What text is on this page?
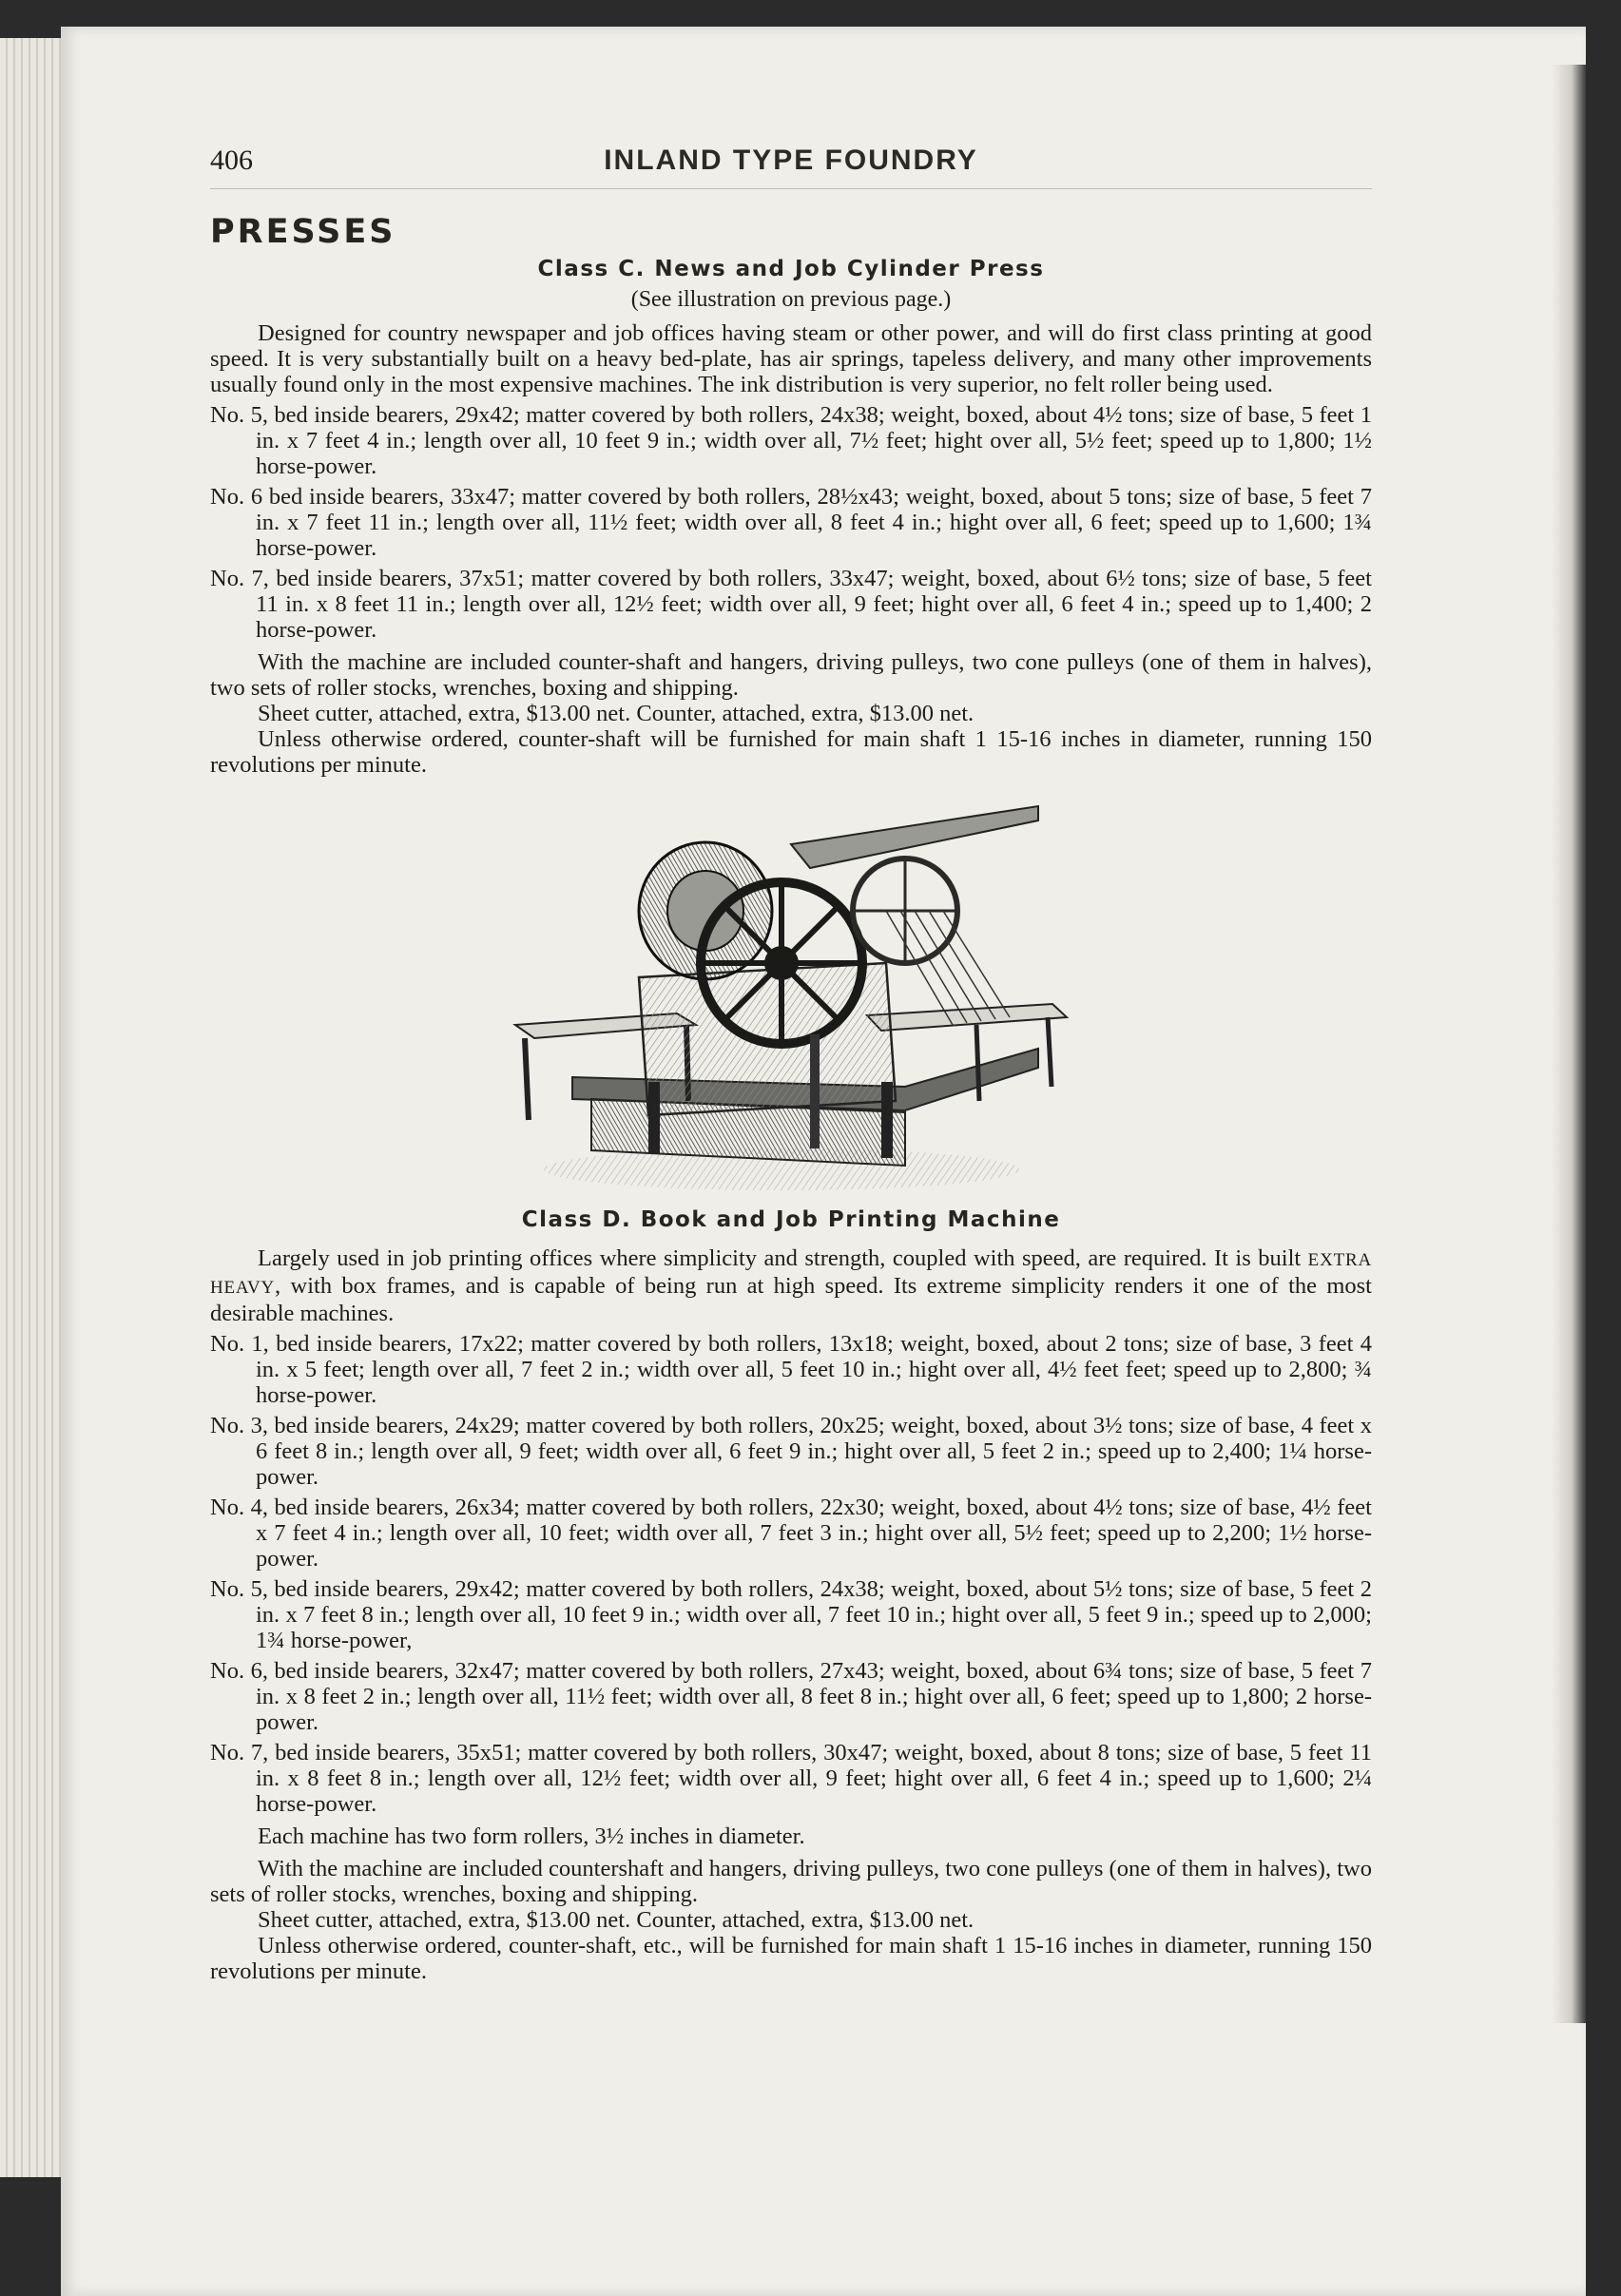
406	INLAND TYPE FOUNDRY
PRESSES
Class C. News and Job Cylinder Press
(See illustration on previous page.)

Designed for country newspaper and job offices having steam or other power, and will do first class printing at good speed. It is very substantially built on a heavy bed-plate, has air springs, tapeless delivery, and many other improvements usually found only in the most expensive machines. The ink distribution is very superior, no felt roller being used.

No. 5, bed inside bearers, 29x42; matter covered by both rollers, 24x38; weight, boxed, about 4½ tons; size of base, 5 feet 1 in. x 7 feet 4 in.; length over all, 10 feet 9 in.; width over all, 7½ feet; hight over all, 5½ feet; speed up to 1,800; 1½ horse-power.

No. 6 bed inside bearers, 33x47; matter covered by both rollers, 28½x43; weight, boxed, about 5 tons; size of base, 5 feet 7 in. x 7 feet 11 in.; length over all, 11½ feet; width over all, 8 feet 4 in.; hight over all, 6 feet; speed up to 1,600; 1¾ horse-power.

No. 7, bed inside bearers, 37x51; matter covered by both rollers, 33x47; weight, boxed, about 6½ tons; size of base, 5 feet 11 in. x 8 feet 11 in.; length over all, 12½ feet; width over all, 9 feet; hight over all, 6 feet 4 in.; speed up to 1,400; 2 horse-power.

With the machine are included counter-shaft and hangers, driving pulleys, two cone pulleys (one of them in halves), two sets of roller stocks, wrenches, boxing and shipping.

Sheet cutter, attached, extra, $13.00 net. Counter, attached, extra, $13.00 net.

Unless otherwise ordered, counter-shaft will be furnished for main shaft 1 15-16 inches in diameter, running 150 revolutions per minute.

Class D. Book and Job Printing Machine

Largely used in job printing offices where simplicity and strength, coupled with speed, are required. It is built EXTRA HEAVY, with box frames, and is capable of being run at high speed. Its extreme simplicity renders it one of the most desirable machines.

No. 1, bed inside bearers, 17x22; matter covered by both rollers, 13x18; weight, boxed, about 2 tons; size of base, 3 feet 4 in. x 5 feet; length over all, 7 feet 2 in.; width over all, 5 feet 10 in.; hight over all, 4½ feet feet; speed up to 2,800; ¾ horse-power.

No. 3, bed inside bearers, 24x29; matter covered by both rollers, 20x25; weight, boxed, about 3½ tons; size of base, 4 feet x 6 feet 8 in.; length over all, 9 feet; width over all, 6 feet 9 in.; hight over all, 5 feet 2 in.; speed up to 2,400; 1¼ horse-power.

No. 4, bed inside bearers, 26x34; matter covered by both rollers, 22x30; weight, boxed, about 4½ tons; size of base, 4½ feet x 7 feet 4 in.; length over all, 10 feet; width over all, 7 feet 3 in.; hight over all, 5½ feet; speed up to 2,200; 1½ horse-power.

No. 5, bed inside bearers, 29x42; matter covered by both rollers, 24x38; weight, boxed, about 5½ tons; size of base, 5 feet 2 in. x 7 feet 8 in.; length over all, 10 feet 9 in.; width over all, 7 feet 10 in.; hight over all, 5 feet 9 in.; speed up to 2,000; 1¾ horse-power,

No. 6, bed inside bearers, 32x47; matter covered by both rollers, 27x43; weight, boxed, about 6¾ tons; size of base, 5 feet 7 in. x 8 feet 2 in.; length over all, 11½ feet; width over all, 8 feet 8 in.; hight over all, 6 feet; speed up to 1,800; 2 horse-power.

No. 7, bed inside bearers, 35x51; matter covered by both rollers, 30x47; weight, boxed, about 8 tons; size of base, 5 feet 11 in. x 8 feet 8 in.; length over all, 12½ feet; width over all, 9 feet; hight over all, 6 feet 4 in.; speed up to 1,600; 2¼ horse-power.

Each machine has two form rollers, 3½ inches in diameter.

With the machine are included countershaft and hangers, driving pulleys, two cone pulleys (one of them in halves), two sets of roller stocks, wrenches, boxing and shipping.

Sheet cutter, attached, extra, $13.00 net. Counter, attached, extra, $13.00 net.

Unless otherwise ordered, counter-shaft, etc., will be furnished for main shaft 1 15-16 inches in diameter, running 150 revolutions per minute.
